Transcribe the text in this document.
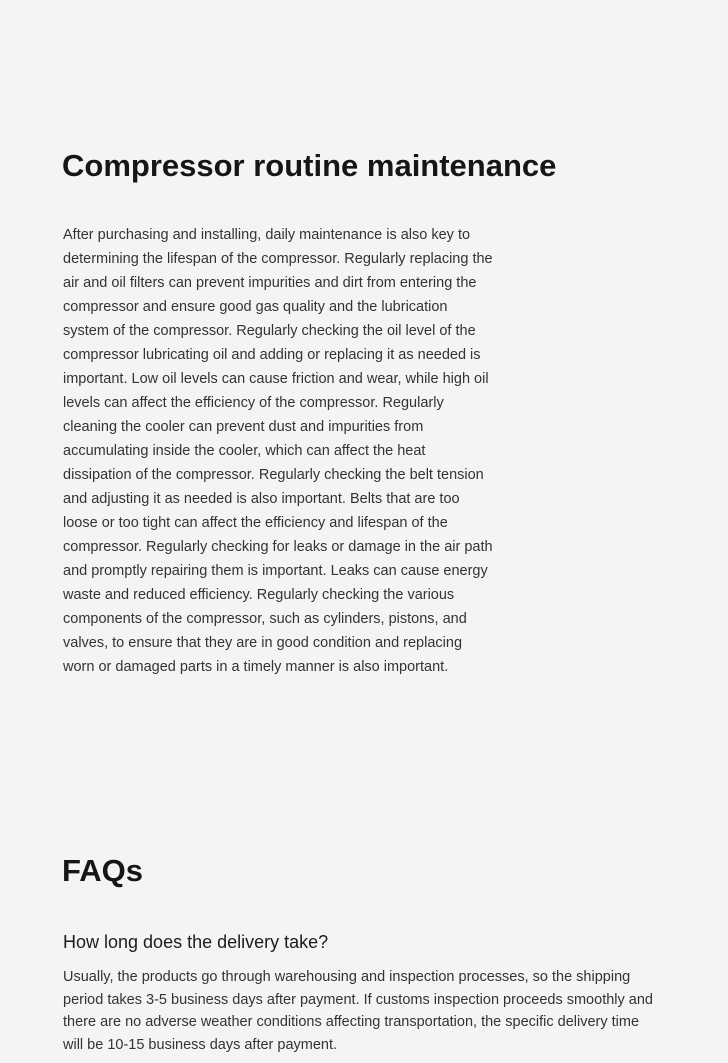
Compressor routine maintenance

After purchasing and installing, daily maintenance is also key to determining the lifespan of the compressor. Regularly replacing the air and oil filters can prevent impurities and dirt from entering the compressor and ensure good gas quality and the lubrication system of the compressor. Regularly checking the oil level of the compressor lubricating oil and adding or replacing it as needed is important. Low oil levels can cause friction and wear, while high oil levels can affect the efficiency of the compressor. Regularly cleaning the cooler can prevent dust and impurities from accumulating inside the cooler, which can affect the heat dissipation of the compressor. Regularly checking the belt tension and adjusting it as needed is also important. Belts that are too loose or too tight can affect the efficiency and lifespan of the compressor. Regularly checking for leaks or damage in the air path and promptly repairing them is important. Leaks can cause energy waste and reduced efficiency. Regularly checking the various components of the compressor, such as cylinders, pistons, and valves, to ensure that they are in good condition and replacing worn or damaged parts in a timely manner is also important.

FAQs
How long does the delivery take?

Usually, the products go through warehousing and inspection processes, so the shipping period takes 3-5 business days after payment. If customs inspection proceeds smoothly and there are no adverse weather conditions affecting transportation, the specific delivery time will be 10-15 business days after payment.
